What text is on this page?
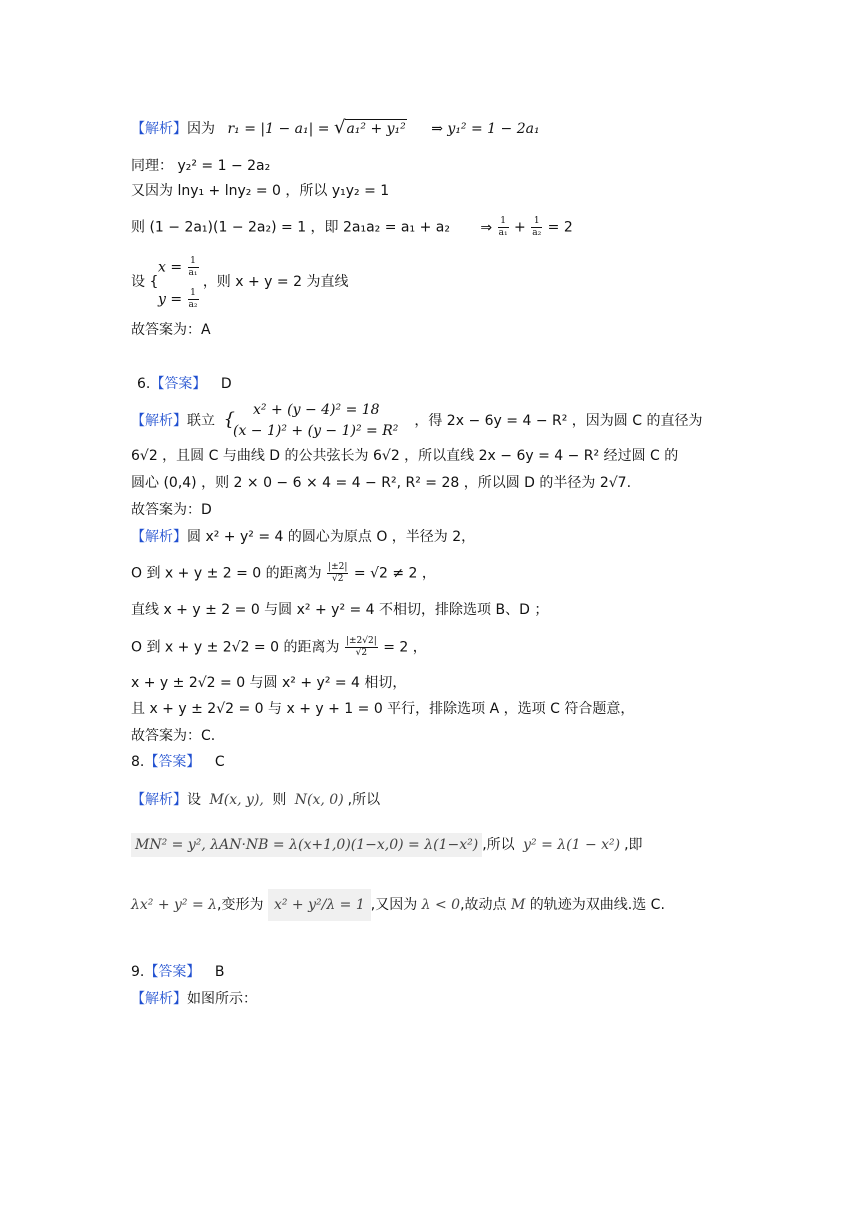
【解析】因为 r₁ = |1 − a₁| = √a₁² + y₁² ⇒ y₁² = 1 − 2a₁
同理： y₂² = 1 − 2a₂
又因为 lny₁ + lny₂ = 0 ，所以 y₁y₂ = 1
则 (1 − 2a₁)(1 − 2a₂) = 1 ，即 2a₁a₂ = a₁ + a₂ ⇒ $\frac{1}{\text{a₁}} + \frac{1}{\text{a₂}} = 2$
$x = \frac{1}{\text{a₁}}$
设 {	，则 x + y = 2 为直线
$y = \frac{1}{\text{a₂}}$
故答案为：A
6.【答案】 D
x² + (y − 4)² = 18
【解析】联立 {	，得 2x − 6y = 4 − R² ，因为圆 C 的直径为
(x − 1)² + (y − 1)² = R²
6√2 ，且圆 C 与曲线 D 的公共弦长为 6√2 ，所以直线 2x − 6y = 4 − R² 经过圆 C 的
圆心 (0,4) ，则 2 × 0 − 6 × 4 = 4 − R², R² = 28 ，所以圆 D 的半径为 2√7.
故答案为：D
【解析】圆 x² + y² = 4 的圆心为原点 O ，半径为 2，
O 到 x + y ± 2 = 0 的距离为 $\frac{|\pm 2|}{√2} = √2 \ne 2$ ，
直线 x + y ± 2 = 0 与圆 x² + y² = 4 不相切，排除选项 B、D ；
O 到 x + y ± 2√2 = 0 的距离为 $\frac{|\pm 2√2|}{√2} = 2$ ，
x + y ± 2√2 = 0 与圆 x² + y² = 4 相切，
且 x + y ± 2√2 = 0 与 x + y + 1 = 0 平行，排除选项 A ，选项 C 符合题意，
故答案为：C.
8.【答案】 C
【解析】设 M(x, y), 则 N(x, 0) ,所以
MN² = y², λAN·NB = λ(x+1,0)(1−x,0) = λ(1−x²) ,所以 y² = λ(1 − x²) ,即
λx² + y² = λ,变形为 x² + y²/λ = 1 ,又因为 λ < 0,故动点 M 的轨迹为双曲线.选 C.
9.【答案】 B
【解析】如图所示：
